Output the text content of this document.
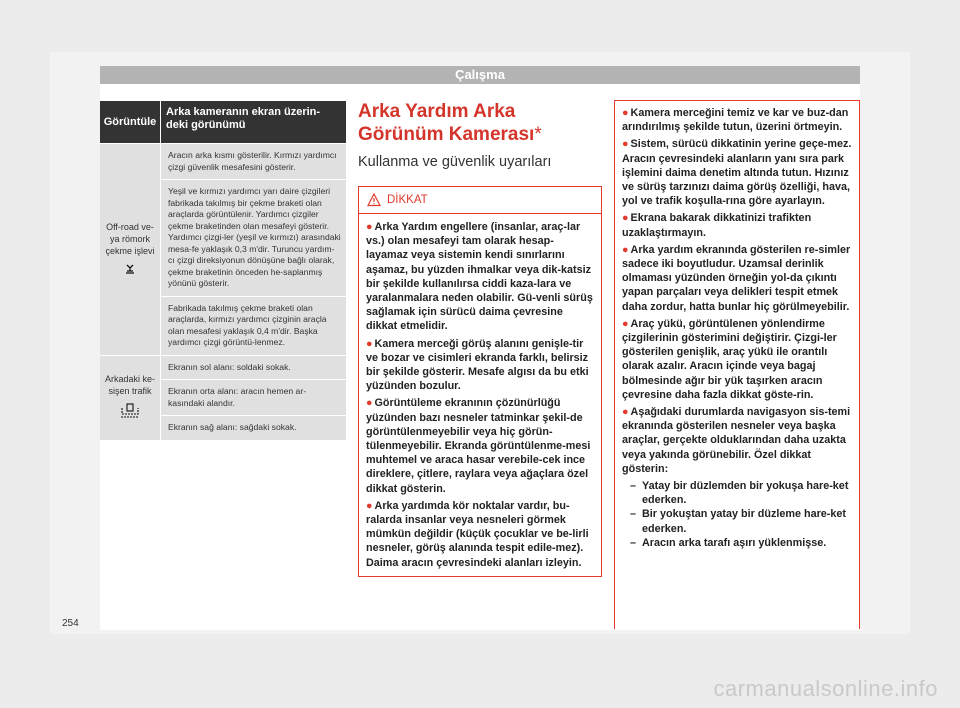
Çalışma
Görüntüle
Arka kameranın ekran üzerin-deki görünümü
Off-road ve-ya römork çekme işlevi
Aracın arka kısmı gösterilir. Kırmızı yardımcı çizgi güvenlik mesafesini gösterir.
Yeşil ve kırmızı yardımcı yarı daire çizgileri fabrikada takılmış bir çekme braketi olan araçlarda görüntülenir. Yardımcı çizgiler çekme braketinden olan mesafeyi gösterir. Yardımcı çizgi-ler (yeşil ve kırmızı) arasındaki mesa-fe yaklaşık 0,3 m'dir. Turuncu yardım-cı çizgi direksiyonun dönüşüne bağlı olarak, çekme braketinin önceden he-saplanmış yönünü gösterir.
Fabrikada takılmış çekme braketi olan araçlarda, kırmızı yardımcı çizginin araçla olan mesafesi yaklaşık 0,4 m'dir. Başka yardımcı çizgi görüntü-lenmez.
Arkadaki ke-sişen trafik
Ekranın sol alanı: soldaki sokak.
Ekranın orta alanı: aracın hemen ar-kasındaki alandır.
Ekranın sağ alanı: sağdaki sokak.
Arka Yardım Arka Görünüm Kamerası*
Kullanma ve güvenlik uyarıları
DİKKAT
● Arka Yardım engellere (insanlar, araç-lar vs.) olan mesafeyi tam olarak hesap-layamaz veya sistemin kendi sınırlarını aşamaz, bu yüzden ihmalkar veya dik-katsiz bir şekilde kullanılırsa ciddi kaza-lara ve yaralanmalara neden olabilir. Gü-venli sürüş sağlamak için sürücü daima çevresine dikkat etmelidir.
● Kamera merceği görüş alanını genişle-tir ve bozar ve cisimleri ekranda farklı, belirsiz bir şekilde gösterir. Mesafe algısı da bu etki yüzünden bozulur.
● Görüntüleme ekranının çözünürlüğü yüzünden bazı nesneler tatminkar şekil-de görüntülenmeyebilir veya hiç görün-tülenmeyebilir. Ekranda görüntülenme-mesi muhtemel ve araca hasar verebile-cek ince direklere, çitlere, raylara veya ağaçlara özel dikkat gösterin.
● Arka yardımda kör noktalar vardır, bu-ralarda insanlar veya nesneleri görmek mümkün değildir (küçük çocuklar ve be-lirli nesneler, görüş alanında tespit edile-mez). Daima aracın çevresindeki alanları izleyin.
● Kamera merceğini temiz ve kar ve buz-dan arındırılmış şekilde tutun, üzerini örtmeyin.
● Sistem, sürücü dikkatinin yerine geçe-mez. Aracın çevresindeki alanların yanı sıra park işlemini daima denetim altında tutun. Hızınız ve sürüş tarzınızı daima görüş özelliği, hava, yol ve trafik koşulla-rına göre ayarlayın.
● Ekrana bakarak dikkatinizi trafikten uzaklaştırmayın.
● Arka yardım ekranında gösterilen re-simler sadece iki boyutludur. Uzamsal derinlik olmaması yüzünden örneğin yol-da çıkıntı yapan parçaları veya delikleri tespit etmek daha zordur, hatta bunlar hiç görülmeyebilir.
● Araç yükü, görüntülenen yönlendirme çizgilerinin gösterimini değiştirir. Çizgi-ler gösterilen genişlik, araç yükü ile orantılı olarak azalır. Aracın içinde veya bagaj bölmesinde ağır bir yük taşırken aracın çevresine daha fazla dikkat göste-rin.
● Aşağıdaki durumlarda navigasyon sis-temi ekranında gösterilen nesneler veya başka araçlar, gerçekte olduklarından daha uzakta veya yakında görünebilir. Özel dikkat gösterin:
– Yatay bir düzlemden bir yokuşa hare-ket ederken.
– Bir yokuştan yatay bir düzleme hare-ket ederken.
– Aracın arka tarafı aşırı yüklenmişse.
254
carmanualsonline.info
